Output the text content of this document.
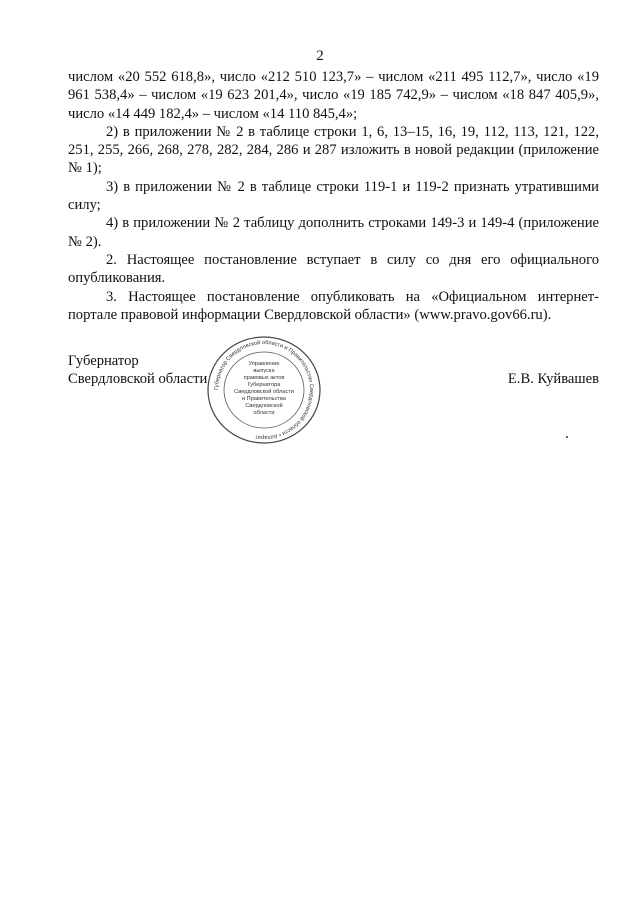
2

числом «20 552 618,8», число «212 510 123,7» – числом «211 495 112,7», число «19 961 538,4» – числом «19 623 201,4», число «19 185 742,9» – числом «18 847 405,9», число «14 449 182,4» – числом «14 110 845,4»;

2) в приложении № 2 в таблице строки 1, 6, 13–15, 16, 19, 112, 113, 121, 122, 251, 255, 266, 268, 278, 282, 284, 286 и 287 изложить в новой редакции (приложение № 1);

3) в приложении № 2 в таблице строки 119-1 и 119-2 признать утратившими силу;

4) в приложении № 2 таблицу дополнить строками 149-3 и 149-4 (приложение № 2).

2. Настоящее постановление вступает в силу со дня его официального опубликования.

3. Настоящее постановление опубликовать на «Официальном интернет-портале правовой информации Свердловской области» (www.pravo.gov66.ru).

Губернатор
Свердловской области	Е.В. Куйвашев
Губернатор Свердловской области и Правительство Свердловской области • Аппарат
Управление
выпуска
правовых актов
Губернатора
Свердловской области
и Правительства
Свердловской
области
